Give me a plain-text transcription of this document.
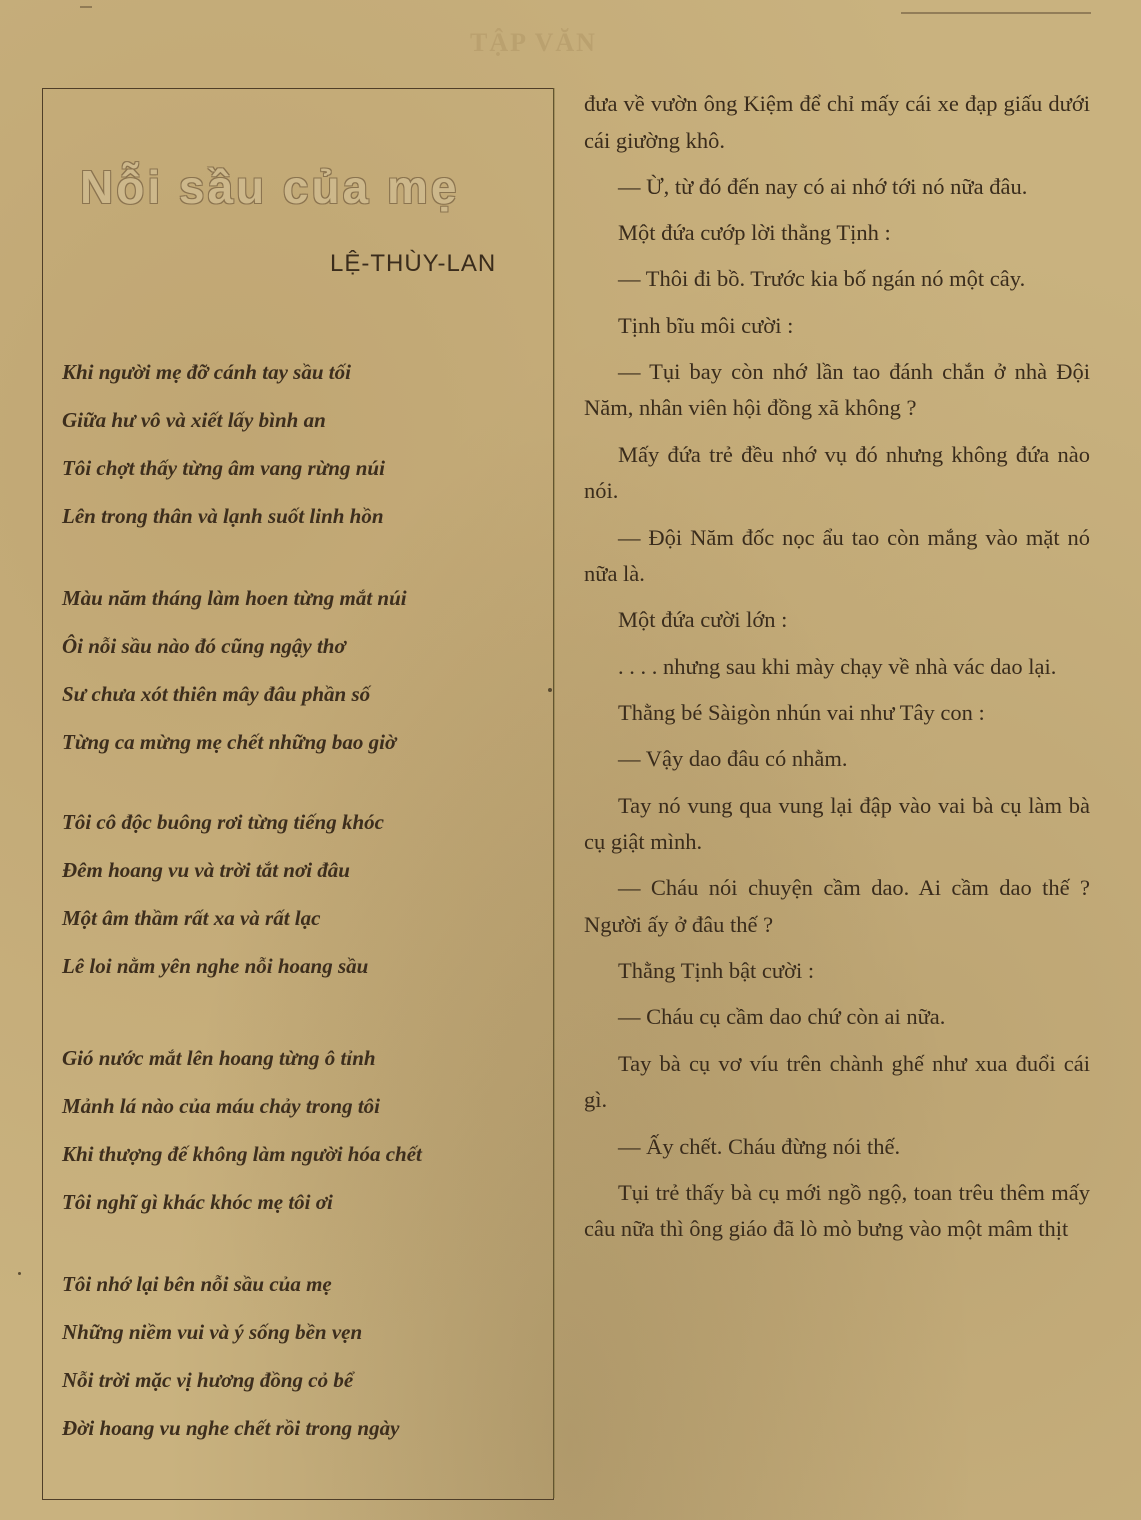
TẬP VĂN
Nỗi sầu của mẹ
LỆ-THÙY-LAN
Khi người mẹ đỡ cánh tay sầu tối
Giữa hư vô và xiết lấy bình an
Tôi chợt thấy từng âm vang rừng núi
Lên trong thân và lạnh suốt linh hồn
Màu năm tháng làm hoen từng mắt núi
Ôi nỗi sầu nào đó cũng ngậy thơ
Sư chưa xót thiên mây đâu phần số
Từng ca mừng mẹ chết những bao giờ
Tôi cô độc buông rơi từng tiếng khóc
Đêm hoang vu và trời tắt nơi đâu
Một âm thầm rất xa và rất lạc
Lê loi nằm yên nghe nỗi hoang sầu
Gió nước mắt lên hoang từng ô tỉnh
Mảnh lá nào của máu chảy trong tôi
Khi thượng đế không làm người hóa chết
Tôi nghĩ gì khác khóc mẹ tôi ơi
Tôi nhớ lại bên nỗi sầu của mẹ
Những niềm vui và ý sống bền vẹn
Nỗi trời mặc vị hương đồng cỏ bể
Đời hoang vu nghe chết rồi trong ngày

đưa về vườn ông Kiệm để chỉ mấy cái xe đạp giấu dưới cái giường khô.

— Ừ, từ đó đến nay có ai nhớ tới nó nữa đâu.

Một đứa cướp lời thằng Tịnh :

— Thôi đi bồ. Trước kia bố ngán nó một cây.

Tịnh bĩu môi cười :

— Tụi bay còn nhớ lần tao đánh chắn ở nhà Đội Năm, nhân viên hội đồng xã không ?

Mấy đứa trẻ đều nhớ vụ đó nhưng không đứa nào nói.

— Đội Năm đốc nọc ẩu tao còn mắng vào mặt nó nữa là.

Một đứa cười lớn :

. . . . nhưng sau khi mày chạy về nhà vác dao lại.

Thằng bé Sàigòn nhún vai như Tây con :

— Vậy dao đâu có nhằm.

Tay nó vung qua vung lại đập vào vai bà cụ làm bà cụ giật mình.

— Cháu nói chuyện cầm dao. Ai cầm dao thế ? Người ấy ở đâu thế ?

Thằng Tịnh bật cười :

— Cháu cụ cầm dao chứ còn ai nữa.

Tay bà cụ vơ víu trên chành ghế như xua đuổi cái gì.

— Ấy chết. Cháu đừng nói thế.

Tụi trẻ thấy bà cụ mới ngồ ngộ, toan trêu thêm mấy câu nữa thì ông giáo đã lò mò bưng vào một mâm thịt
